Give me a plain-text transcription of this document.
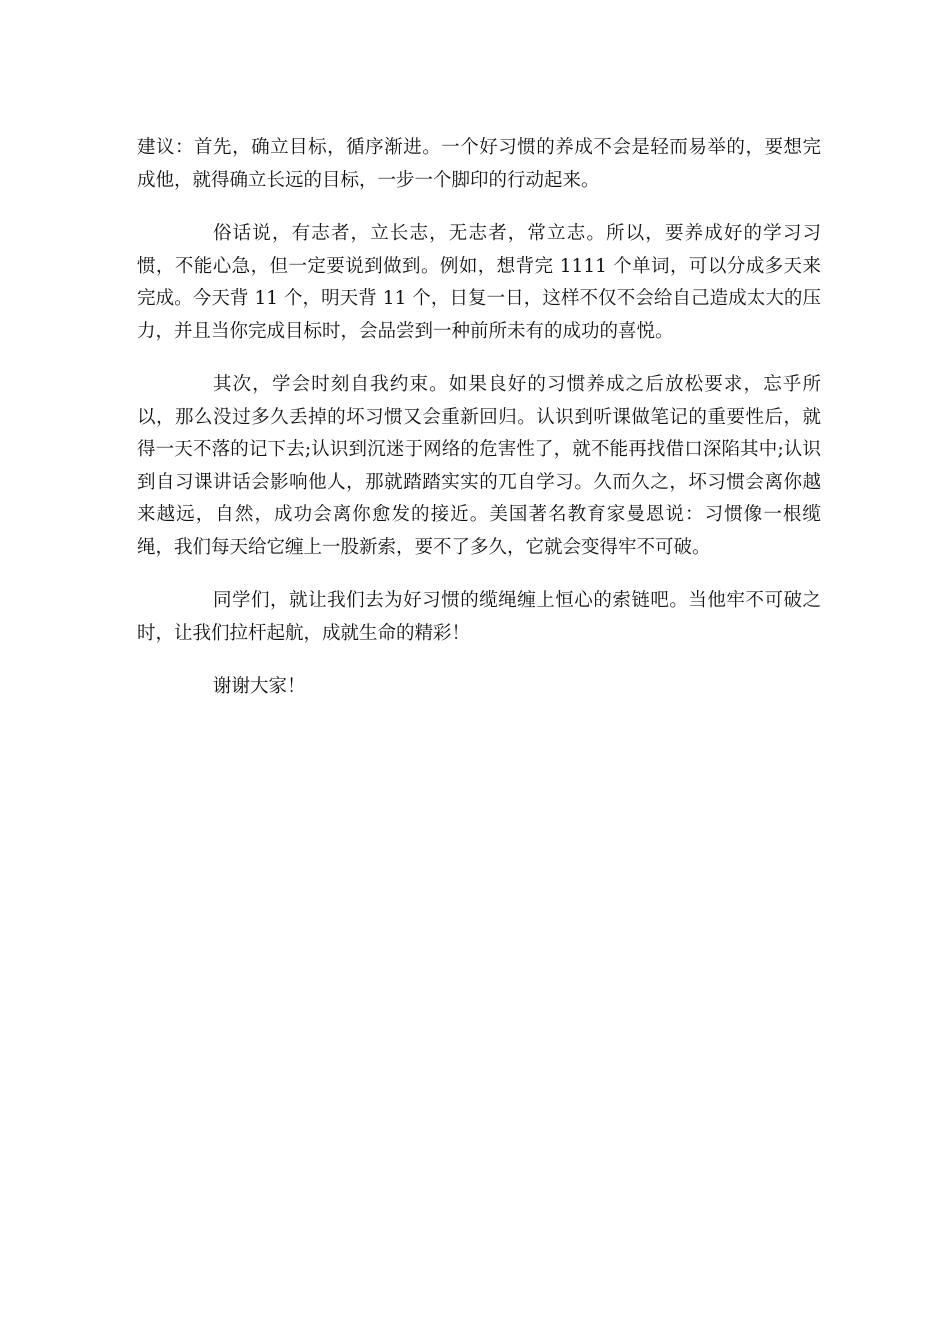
建议：首先，确立目标，循序渐进。一个好习惯的养成不会是轻而易举的，要想完成他，就得确立长远的目标，一步一个脚印的行动起来。

俗话说，有志者，立长志，无志者，常立志。所以，要养成好的学习习惯，不能心急，但一定要说到做到。例如，想背完 1111 个单词，可以分成多天来完成。今天背 11 个，明天背 11 个，日复一日，这样不仅不会给自己造成太大的压力，并且当你完成目标时，会品尝到一种前所未有的成功的喜悦。

其次，学会时刻自我约束。如果良好的习惯养成之后放松要求，忘乎所以，那么没过多久丢掉的坏习惯又会重新回归。认识到听课做笔记的重要性后，就得一天不落的记下去;认识到沉迷于网络的危害性了，就不能再找借口深陷其中;认识到自习课讲话会影响他人，那就踏踏实实的兀自学习。久而久之，坏习惯会离你越来越远，自然，成功会离你愈发的接近。美国著名教育家曼恩说：习惯像一根缆绳，我们每天给它缠上一股新索，要不了多久，它就会变得牢不可破。

同学们，就让我们去为好习惯的缆绳缠上恒心的索链吧。当他牢不可破之时，让我们拉杆起航，成就生命的精彩！

谢谢大家！
